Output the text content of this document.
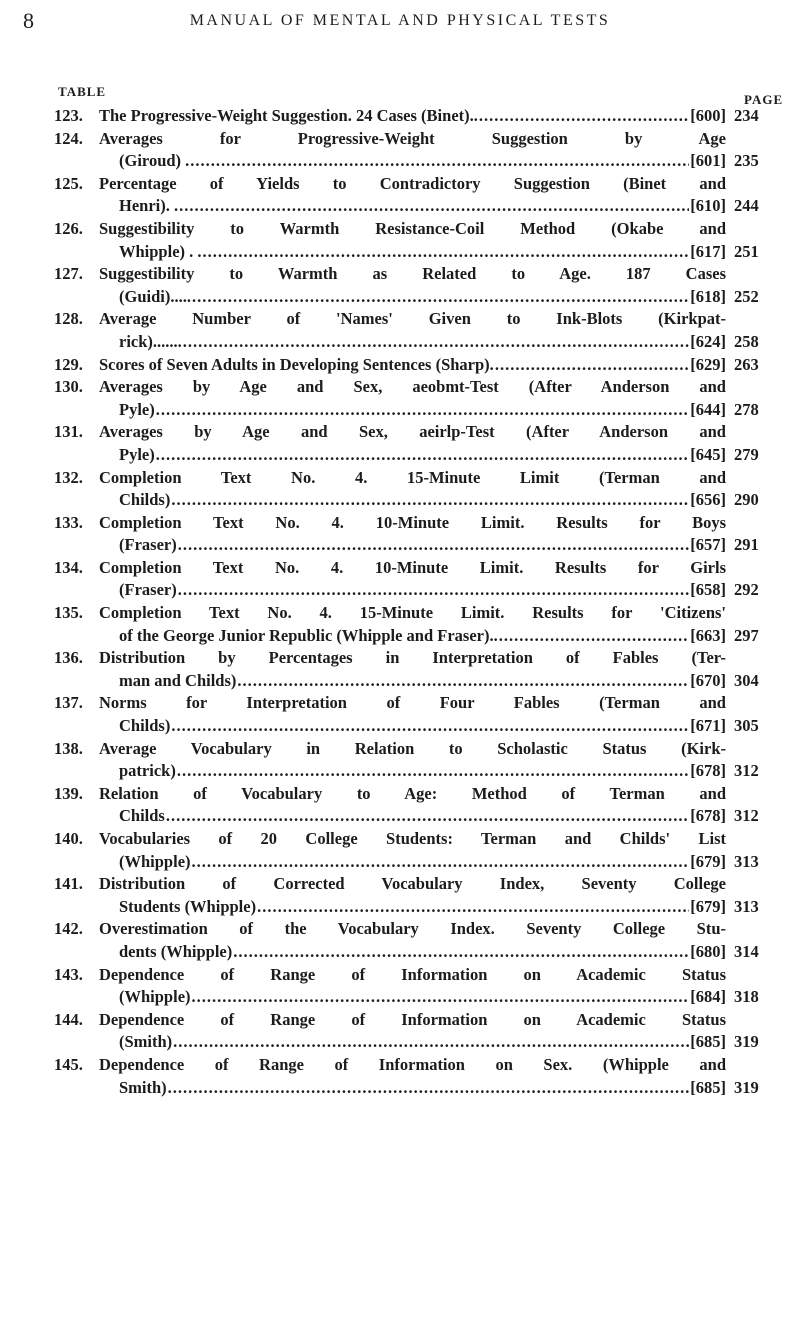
8	MANUAL OF MENTAL AND PHYSICAL TESTS
TABLE
PAGE
123. The Progressive-Weight Suggestion. 24 Cases (Binet).. .....	[600] 234
124. Averages for Progressive-Weight Suggestion by Age
(Giroud) . .....	[601] 235
125. Percentage of Yields to Contradictory Suggestion (Binet and
Henri). . .....	[610] 244
126. Suggestibility to Warmth Resistance-Coil Method (Okabe and
Whipple) . . .....	[617] 251
127. Suggestibility to Warmth as Related to Age. 187 Cases
(Guidi)..... .....	[618] 252
128. Average Number of 'Names' Given to Ink-Blots (Kirkpat-
rick)....... .....	[624] 258
129. Scores of Seven Adults in Developing Sentences (Sharp). .....	[629] 263
130. Averages by Age and Sex, aeobmt-Test (After Anderson and
Pyle) .....	[644] 278
131. Averages by Age and Sex, aeirlp-Test (After Anderson and
Pyle) .....	[645] 279
132. Completion Text No. 4. 15-Minute Limit (Terman and
Childs) .....	[656] 290
133. Completion Text No. 4. 10-Minute Limit. Results for Boys
(Fraser) .....	[657] 291
134. Completion Text No. 4. 10-Minute Limit. Results for Girls
(Fraser) .....	[658] 292
135. Completion Text No. 4. 15-Minute Limit. Results for 'Citizens'
of the George Junior Republic (Whipple and Fraser).. .....	[663] 297
136. Distribution by Percentages in Interpretation of Fables (Ter-
man and Childs) .....	[670] 304
137. Norms for Interpretation of Four Fables (Terman and
Childs) .....	[671] 305
138. Average Vocabulary in Relation to Scholastic Status (Kirk-
patrick) .....	[678] 312
139. Relation of Vocabulary to Age: Method of Terman and
Childs .....	[678] 312
140. Vocabularies of 20 College Students: Terman and Childs' List
(Whipple) .....	[679] 313
141. Distribution of Corrected Vocabulary Index, Seventy College
Students (Whipple) .....	[679] 313
142. Overestimation of the Vocabulary Index. Seventy College Stu-
dents (Whipple) .....	[680] 314
143. Dependence of Range of Information on Academic Status
(Whipple) .....	[684] 318
144. Dependence of Range of Information on Academic Status
(Smith) .....	[685] 319
145. Dependence of Range of Information on Sex. (Whipple and
Smith) .....	[685] 319
